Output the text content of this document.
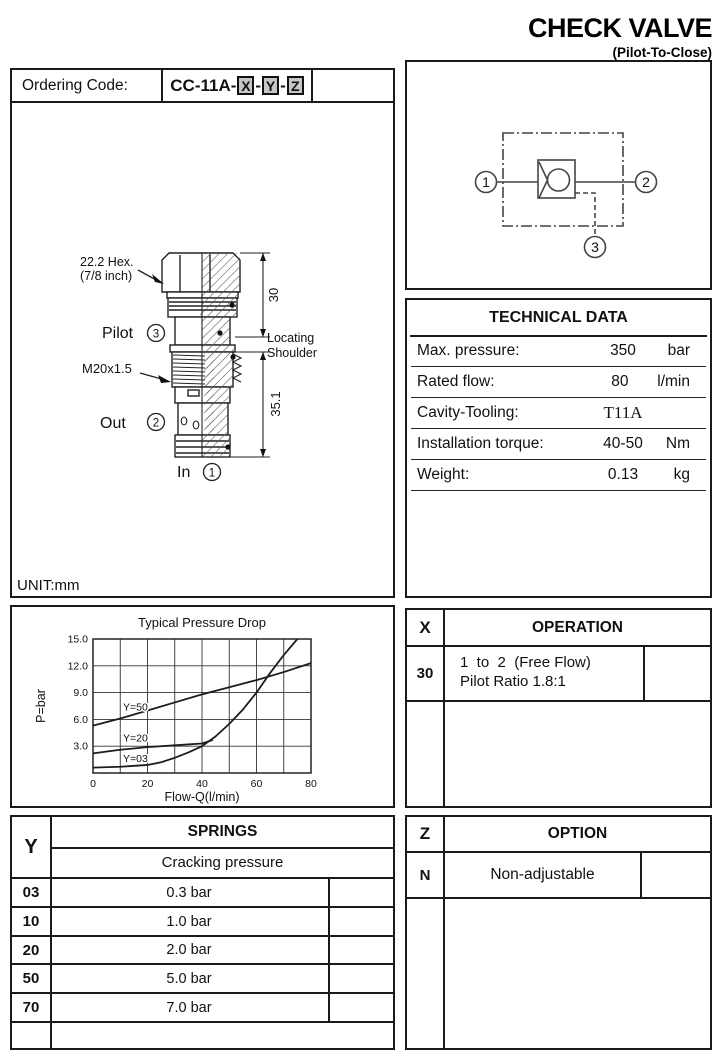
CHECK VALVE
(Pilot-To-Close)
Ordering Code:	CC-11A- X - Y - Z
22.2 Hex.
(7/8 inch)
Pilot 3
M20x1.5
Out 2
In 1
30
35.1
Locating
Shoulder
UNIT:mm
1	2
3
TECHNICAL DATA
Max. pressure:	350	bar
Rated flow:	80	l/min
Cavity-Tooling:	T11A
Installation torque:	40-50	Nm
Weight:	0.13	kg
0	20	40	60	80
3.0
6.0
9.0
12.0
15.0
Y=50
Y=20
Y=03
Typical Pressure Drop
Flow-Q(l/min)
P=bar
X	OPERATION
30
1  to  2  (Free Flow)
Pilot Ratio 1.8:1
Y
SPRINGS
Cracking pressure
03	0.3 bar
10	1.0 bar
20	2.0 bar
50	5.0 bar
70	7.0 bar
Z	OPTION
N	Non-adjustable
